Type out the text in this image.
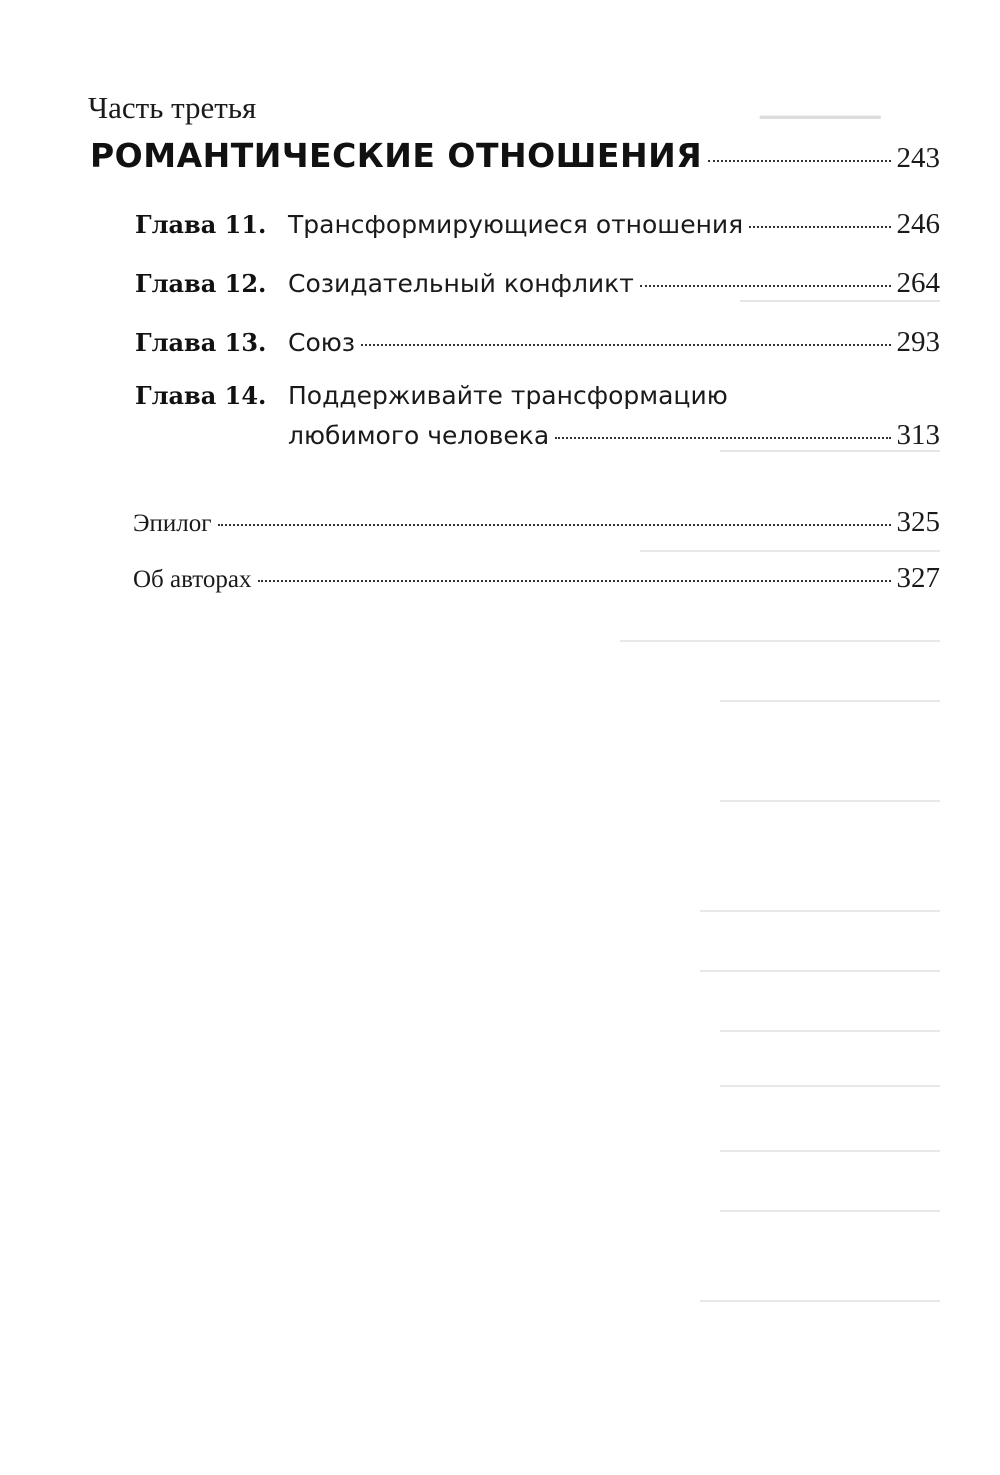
─────
Часть третья
РОМАНТИЧЕСКИЕ ОТНОШЕНИЯ	243
Глава 11. Трансформирующиеся отношения	246
Глава 12. Созидательный конфликт	264
Глава 13. Союз	293
Глава 14. Поддерживайте трансформацию
любимого человека	313
Эпилог	325
Об авторах	327
